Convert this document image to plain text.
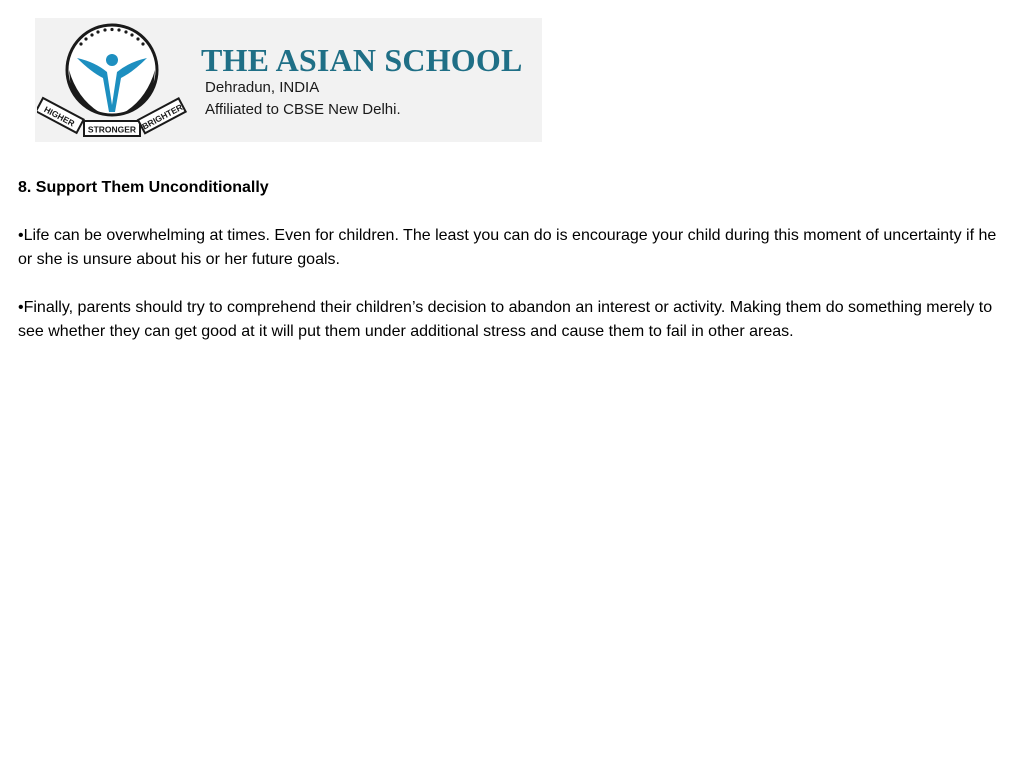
HIGHER
STRONGER BRIGHTER
THE ASIAN SCHOOL
Dehradun, INDIA
Affiliated to CBSE New Delhi.

8. Support Them Unconditionally

•Life can be overwhelming at times. Even for children. The least you can do is encourage your child during this moment of uncertainty if he or she is unsure about his or her future goals.

•Finally, parents should try to comprehend their children’s decision to abandon an interest or activity. Making them do something merely to see whether they can get good at it will put them under additional stress and cause them to fail in other areas.
